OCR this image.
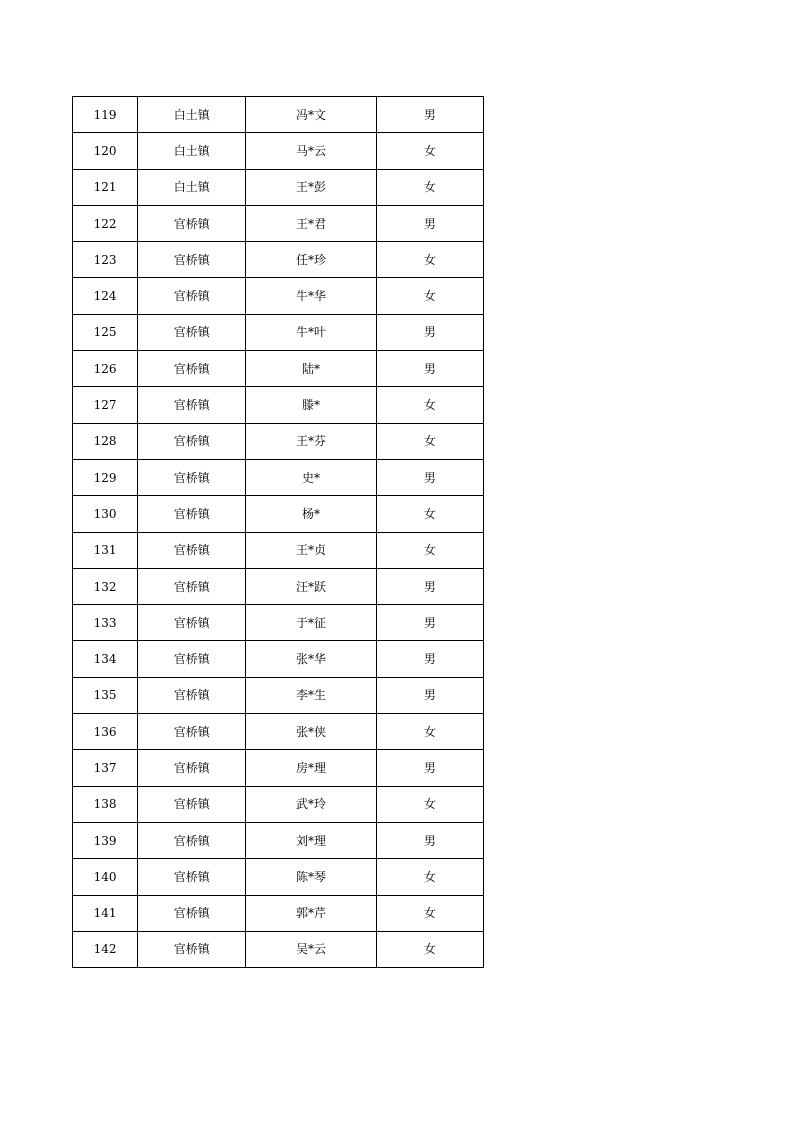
119	白土镇	冯*文	男
120	白土镇	马*云	女
121	白土镇	王*彭	女
122	官桥镇	王*君	男
123	官桥镇	任*珍	女
124	官桥镇	牛*华	女
125	官桥镇	牛*叶	男
126	官桥镇	陆*	男
127	官桥镇	滕*	女
128	官桥镇	王*芬	女
129	官桥镇	史*	男
130	官桥镇	杨*	女
131	官桥镇	王*贞	女
132	官桥镇	汪*跃	男
133	官桥镇	于*征	男
134	官桥镇	张*华	男
135	官桥镇	李*生	男
136	官桥镇	张*侠	女
137	官桥镇	房*理	男
138	官桥镇	武*玲	女
139	官桥镇	刘*理	男
140	官桥镇	陈*琴	女
141	官桥镇	郭*芹	女
142	官桥镇	吴*云	女
